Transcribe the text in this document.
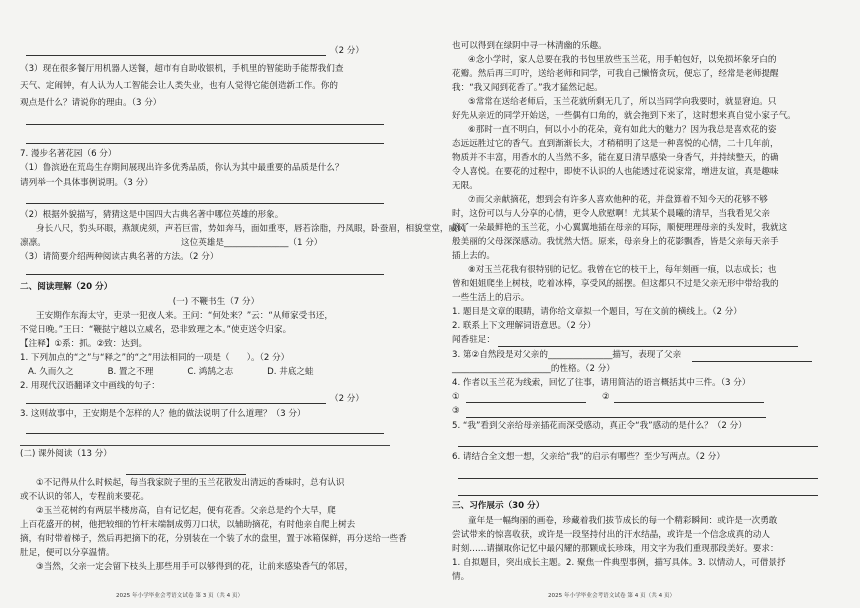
（2 分）
（3）现在很多餐厅用机器人送餐，超市有自助收银机，手机里的智能助手能帮我们查
天气、定闹钟，有人认为人工智能会让人类失业，也有人觉得它能创造新工作。你的
观点是什么？请说你的理由。（3 分）
7. 漫步名著花园（6 分）
（1）鲁滨逊在荒岛生存期间展现出许多优秀品质，你认为其中最重要的品质是什么？
请列举一个具体事例说明。（3 分）
（2）根据外貌描写，猜猜这是中国四大古典名著中哪位英雄的形象。
身长八尺，豹头环眼，燕颔虎须，声若巨雷，势如奔马，面如重枣，唇若涂脂，丹凤眼，卧蚕眉，相貌堂堂，威风
凛凛。	这位英雄是_______________（1 分）
（3）请简要介绍两种阅读古典名著的方法。（2 分）
二、阅读理解（20 分）
(一) 不鞭书生（7 分）
王安期作东海太守，吏录一犯夜人来。王问：“何处来？”云：“从师家受书还，
不觉日晚。”王曰：“鞭挞宁越以立威名，恐非致理之本。”使吏送令归家。
【注释】①系：抓。②致：达到。
1. 下列加点的“之”与“释之”的“之”用法相同的一项是（　　）。（2 分）
A. 久而久之	B. 置之不理	C. 鸿鹄之志	D. 井底之蛙
2. 用现代汉语翻译文中画线的句子：
（2 分）
3. 这则故事中，王安期是个怎样的人？他的做法说明了什么道理？（3 分）
(二) 课外阅读（13 分）
①不记得从什么时候起，每当我家院子里的玉兰花散发出清远的香味时，总有认识
或不认识的邻人，专程前来要花。
②玉兰花树约有两层半楼房高，自有记忆起，便有花香。父亲总是约个大早，爬
上百花盛开的树，他把较细的竹杆末端制成剪刀口状，以辅助摘花，有时他亲自爬上树去
摘，有时带着梯子，然后再把摘下的花，分别装在一个装了水的盘里，置于冰箱保鲜，再分送给一些香
肚足，便可以分享温情。
③当然，父亲一定会留下枝头上那些用手可以够得到的花，让前来感染香气的邻居，
2025 年小学毕业会考语文试卷 第 3 页（共 4 页）
也可以得到在绿阴中寻一林清幽的乐趣。
④念小学时，家人总要在我的书包里放些玉兰花，用手帕包好，以免损坏象牙白的
花瓣。然后再三叮咛，送给老师和同学，可我自己懒惰贪玩，便忘了，经常是老师提醒
我：“我又闻到花香了。”我才猛然记起。
⑤常常在送给老师后，玉兰花就所剩无几了，所以当同学向我要时，就显窘迫。只
好先从亲近的同学开始送，一些偶有口角的，就会拖到下来了，这时想来真自觉小家子气。
⑥那时一直不明白，何以小小的花朵，竟有如此大的魅力？因为我总是喜欢花的姿
态远远胜过它的香气。直到渐渐长大，才稍稍明了这是一种喜悦的心情，二十几年前，
物质并不丰富，用香水的人当然不多，能在夏日清早感染一身香气，并持续整天，的确
令人喜悦。在要花的过程中，即使不认识的人也能透过花说家常，增进友谊，真是趣味
无限。
⑦而父亲献摘花，想到会有许多人喜欢他种的花，并盘算着不知今天的花够不够
时，这份可以与人分享的心情，更令人欣慰啊！尤其某个晨曦的清早，当我看见父亲
摘了一朵最鲜艳的玉兰花，小心翼翼地插在母亲的耳际，顺便理理母亲的头发时，我就这
般美丽的父母深深感动。我忧然大悟。原来，母亲身上的花影飘香，皆是父亲每天亲手
插上去的。
⑧对玉兰花我有很特别的记忆。我曾在它的枝干上，每年刻画一痕，以志成长；也
曾和姐姐爬坐上树枝，吃着冰棒，享受风的摇摆。但这都只不过是父亲无形中带给我的
一些生活上的启示。
1. 题目是文章的眼睛，请你给文章拟一个题目，写在文前的横线上。（2 分）
2. 联系上下文理解词语意思。（2 分）
闻香驻足：
3. 第②自然段是对父亲的_______________描写，表现了父亲
_______________________的性格。（2 分）
4. 作者以玉兰花为线索，回忆了往事，请用简洁的语言概括其中三件。（3 分）
①	②
③
5. “我”看到父亲给母亲插花而深受感动，真正令“我”感动的是什么？（2 分）
6. 请结合全文想一想，父亲给“我”的启示有哪些？至少写两点。（2 分）
三、习作展示（30 分）
童年是一幅绚丽的画卷，珍藏着我们拔节成长的每一个精彩瞬间：或许是一次勇敢
尝试带来的惊喜收获，或许是一段坚持付出的汗水结晶，或许是一个信念成真的动人
时刻……请撷取你记忆中最闪耀的那颗成长珍珠，用文字为我们重现那段美好。要求：
1. 自拟题目，突出成长主题。2. 聚焦一件典型事例，描写具体。3. 以情动人，可借景抒
情。
2025 年小学毕业会考语文试卷 第 4 页（共 4 页）
